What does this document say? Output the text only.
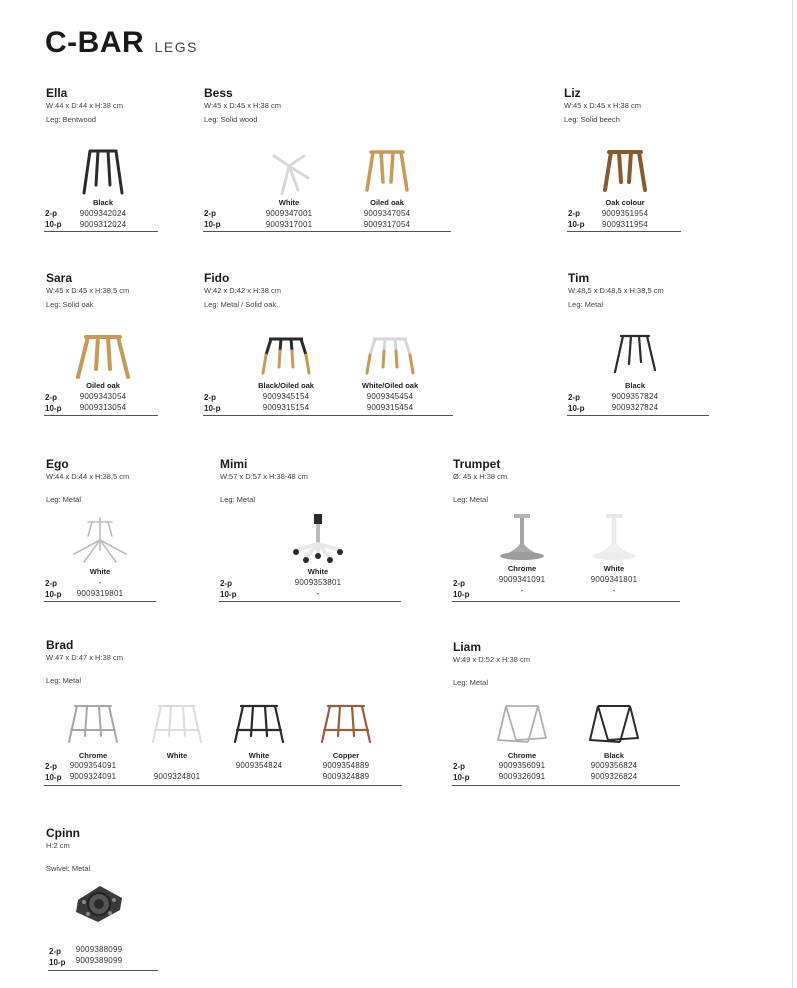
C-BAR LEGS
Ella
W:44 x D:44 x H:38 cm
Leg: Bentwood
Black
9009342024
9009312024
2-p
10-p
Bess
W:45 x D:45 x H:38 cm
Leg: Solid wood
White
9009347001
9009317001
Oiled oak
9009347054
9009317054
2-p
10-p
Liz
W:45 x D:45 x H:38 cm
Leg: Solid beech
Oak colour
9009351954
9009311954
2-p
10-p
Sara
W:45 x D:45 x H:38,5 cm
Leg: Solid oak
Oiled oak
9009343054
9009313054
2-p
10-p
Fido
W:42 x D:42 x H:38 cm
Leg: Metal / Solid oak
Black/Oiled oak
9009345154
9009315154
White/Oiled oak
9009345454
9009315454
2-p
10-p
Tim
W:48,5 x D:48,5 x H:38,5 cm
Leg: Metal
Black
9009357824
9009327824
2-p
10-p
Ego
W:44 x D:44 x H:38,5 cm
Leg: Metal
White
-
9009319801
2-p
10-p
Mimi
W:57 x D:57 x H:38-48 cm
Leg: Metal
White
9009353801
-
2-p
10-p
Trumpet
Ø: 45 x H:38 cm
Leg: Metal
Chrome
9009341091
-
White
9009341801
-
2-p
10-p
Brad
W:47 x D:47 x H:38 cm
Leg: Metal
Chrome
9009354091
9009324091
White
9009324801
White
9009354824
Copper
9009354889
9009324889
2-p
10-p
Liam
W:49 x D:52 x H:38 cm
Leg: Metal
Chrome
9009356091
9009326091
Black
9009356824
9009326824
2-p
10-p
Cpinn
H:2 cm
Swivel: Metal
9009388099
9009389099
2-p
10-p
